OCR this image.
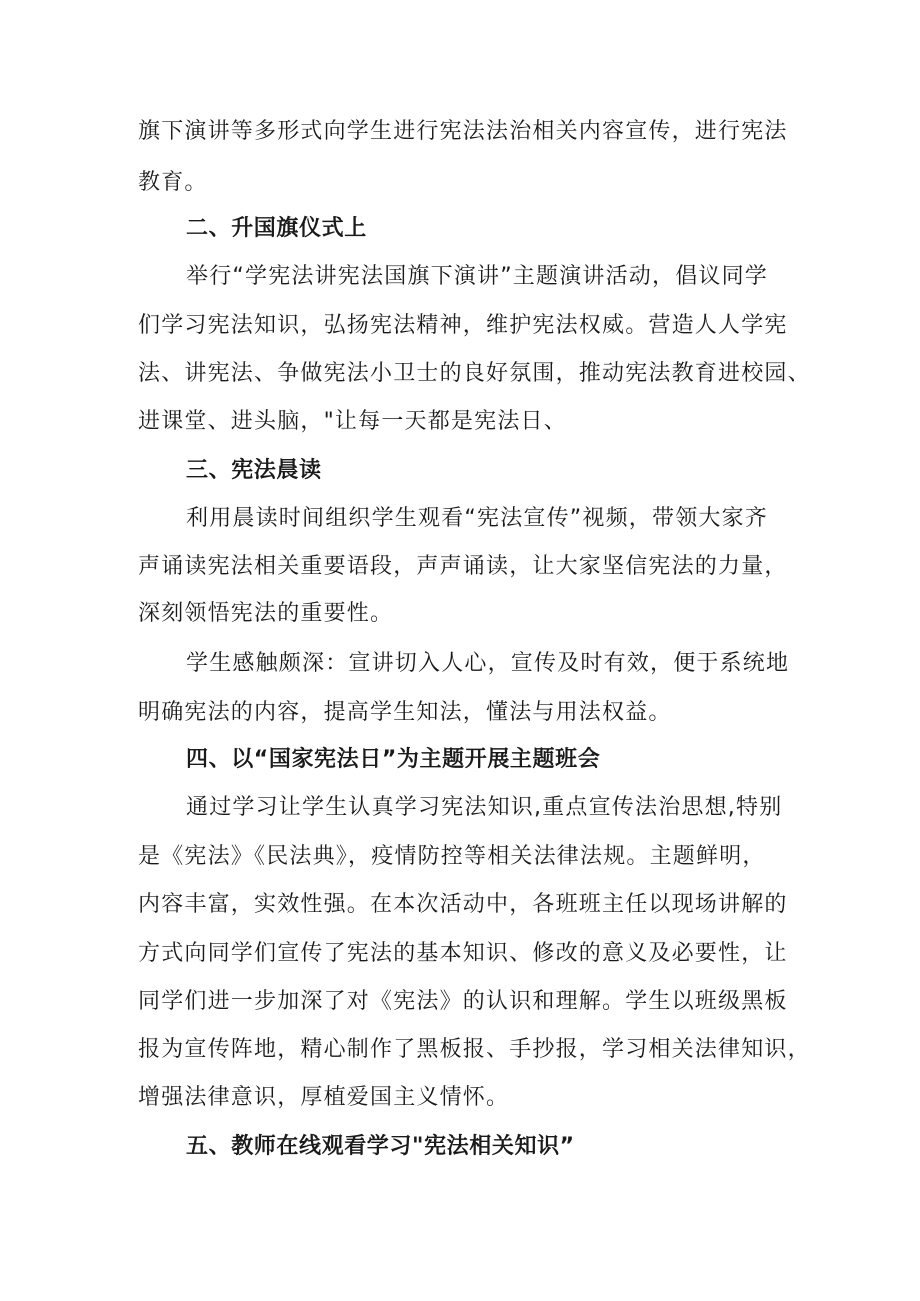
旗下演讲等多形式向学生进行宪法法治相关内容宣传，进行宪法
教育。
二、升国旗仪式上
举行“学宪法讲宪法国旗下演讲”主题演讲活动，倡议同学
们学习宪法知识，弘扬宪法精神，维护宪法权威。营造人人学宪
法、讲宪法、争做宪法小卫士的良好氛围，推动宪法教育进校园、
进课堂、进头脑，"让每一天都是宪法日、
三、宪法晨读
利用晨读时间组织学生观看“宪法宣传”视频，带领大家齐
声诵读宪法相关重要语段，声声诵读，让大家坚信宪法的力量，
深刻领悟宪法的重要性。
学生感触颇深：宣讲切入人心，宣传及时有效，便于系统地
明确宪法的内容，提高学生知法，懂法与用法权益。
四、以“国家宪法日”为主题开展主题班会
通过学习让学生认真学习宪法知识,重点宣传法治思想,特别
是《宪法》《民法典》，疫情防控等相关法律法规。主题鲜明，
内容丰富，实效性强。在本次活动中，各班班主任以现场讲解的
方式向同学们宣传了宪法的基本知识、修改的意义及必要性，让
同学们进一步加深了对《宪法》的认识和理解。学生以班级黑板
报为宣传阵地，精心制作了黑板报、手抄报，学习相关法律知识，
增强法律意识，厚植爱国主义情怀。
五、教师在线观看学习"宪法相关知识”
